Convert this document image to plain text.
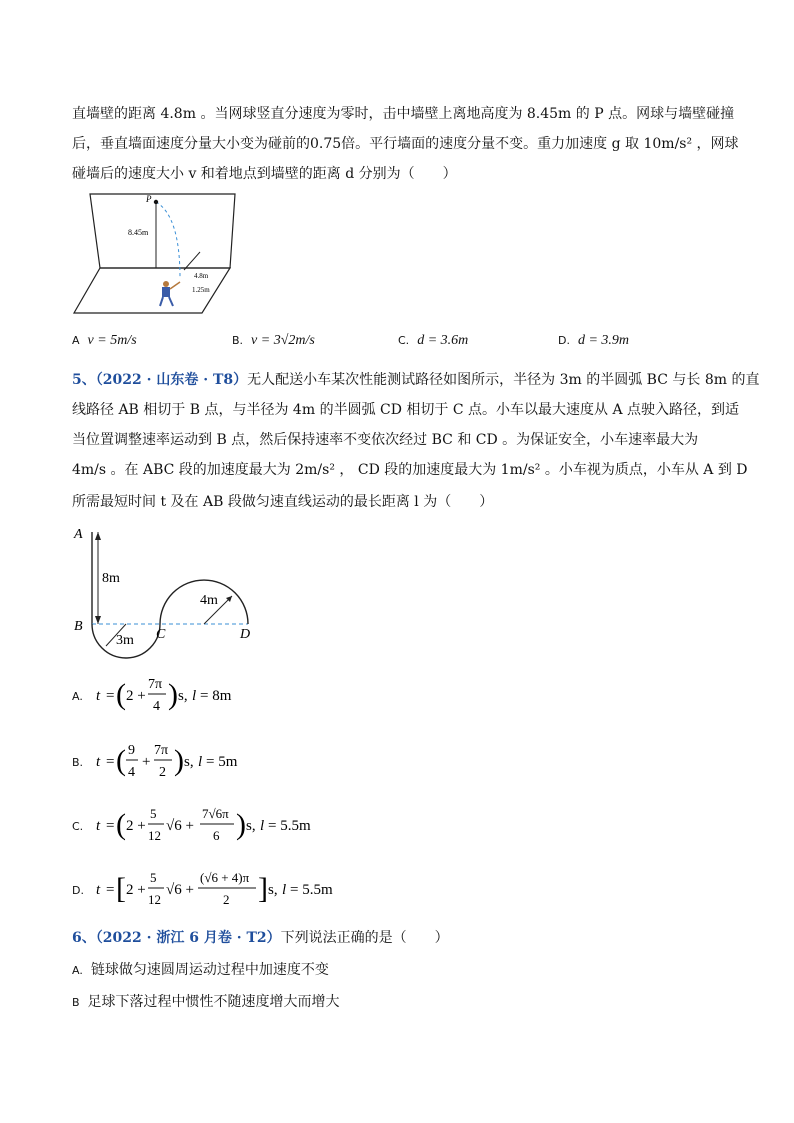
直墙壁的距离 4.8m 。当网球竖直分速度为零时，击中墙壁上离地高度为 8.45m 的 P 点。网球与墙壁碰撞
后，垂直墙面速度分量大小变为碰前的0.75倍。平行墙面的速度分量不变。重力加速度 g 取 10m/s² ，网球
碰墙后的速度大小 v 和着地点到墙壁的距离 d 分别为（　　）
P
8.45m
4.8m
1.25m
A v = 5m/s	B. v = 3√2m/s	C. d = 3.6m	D. d = 3.9m
5、（2022 · 山东卷 · T8）无人配送小车某次性能测试路径如图所示，半径为 3m 的半圆弧 BC 与长 8m 的直
线路径 AB 相切于 B 点，与半径为 4m 的半圆弧 CD 相切于 C 点。小车以最大速度从 A 点驶入路径，到适
当位置调整速率运动到 B 点，然后保持速率不变依次经过 BC 和 CD 。为保证安全，小车速率最大为
4m/s 。在 ABC 段的加速度最大为 2m/s² ， CD 段的加速度最大为 1m/s² 。小车视为质点，小车从 A 到 D
所需最短时间 t 及在 AB 段做匀速直线运动的最长距离 l 为（　　）
A
B
C	D
8m
3m
4m
A. t = ( 2 +
7π
4 ) s, l = 8m
B. t = ( 9
4
+
7π
2 ) s, l = 5m
C. t = ( 2 +
5
12
√6 +
7√6π
6 ) s, l = 5.5m
D. t = [ 2 +
5
12
√6 +
(√6 + 4)π
2 ] s, l = 5.5m
6、（2022 · 浙江 6 月卷 · T2）下列说法正确的是（　　）
A. 链球做匀速圆周运动过程中加速度不变
B 足球下落过程中惯性不随速度增大而增大
